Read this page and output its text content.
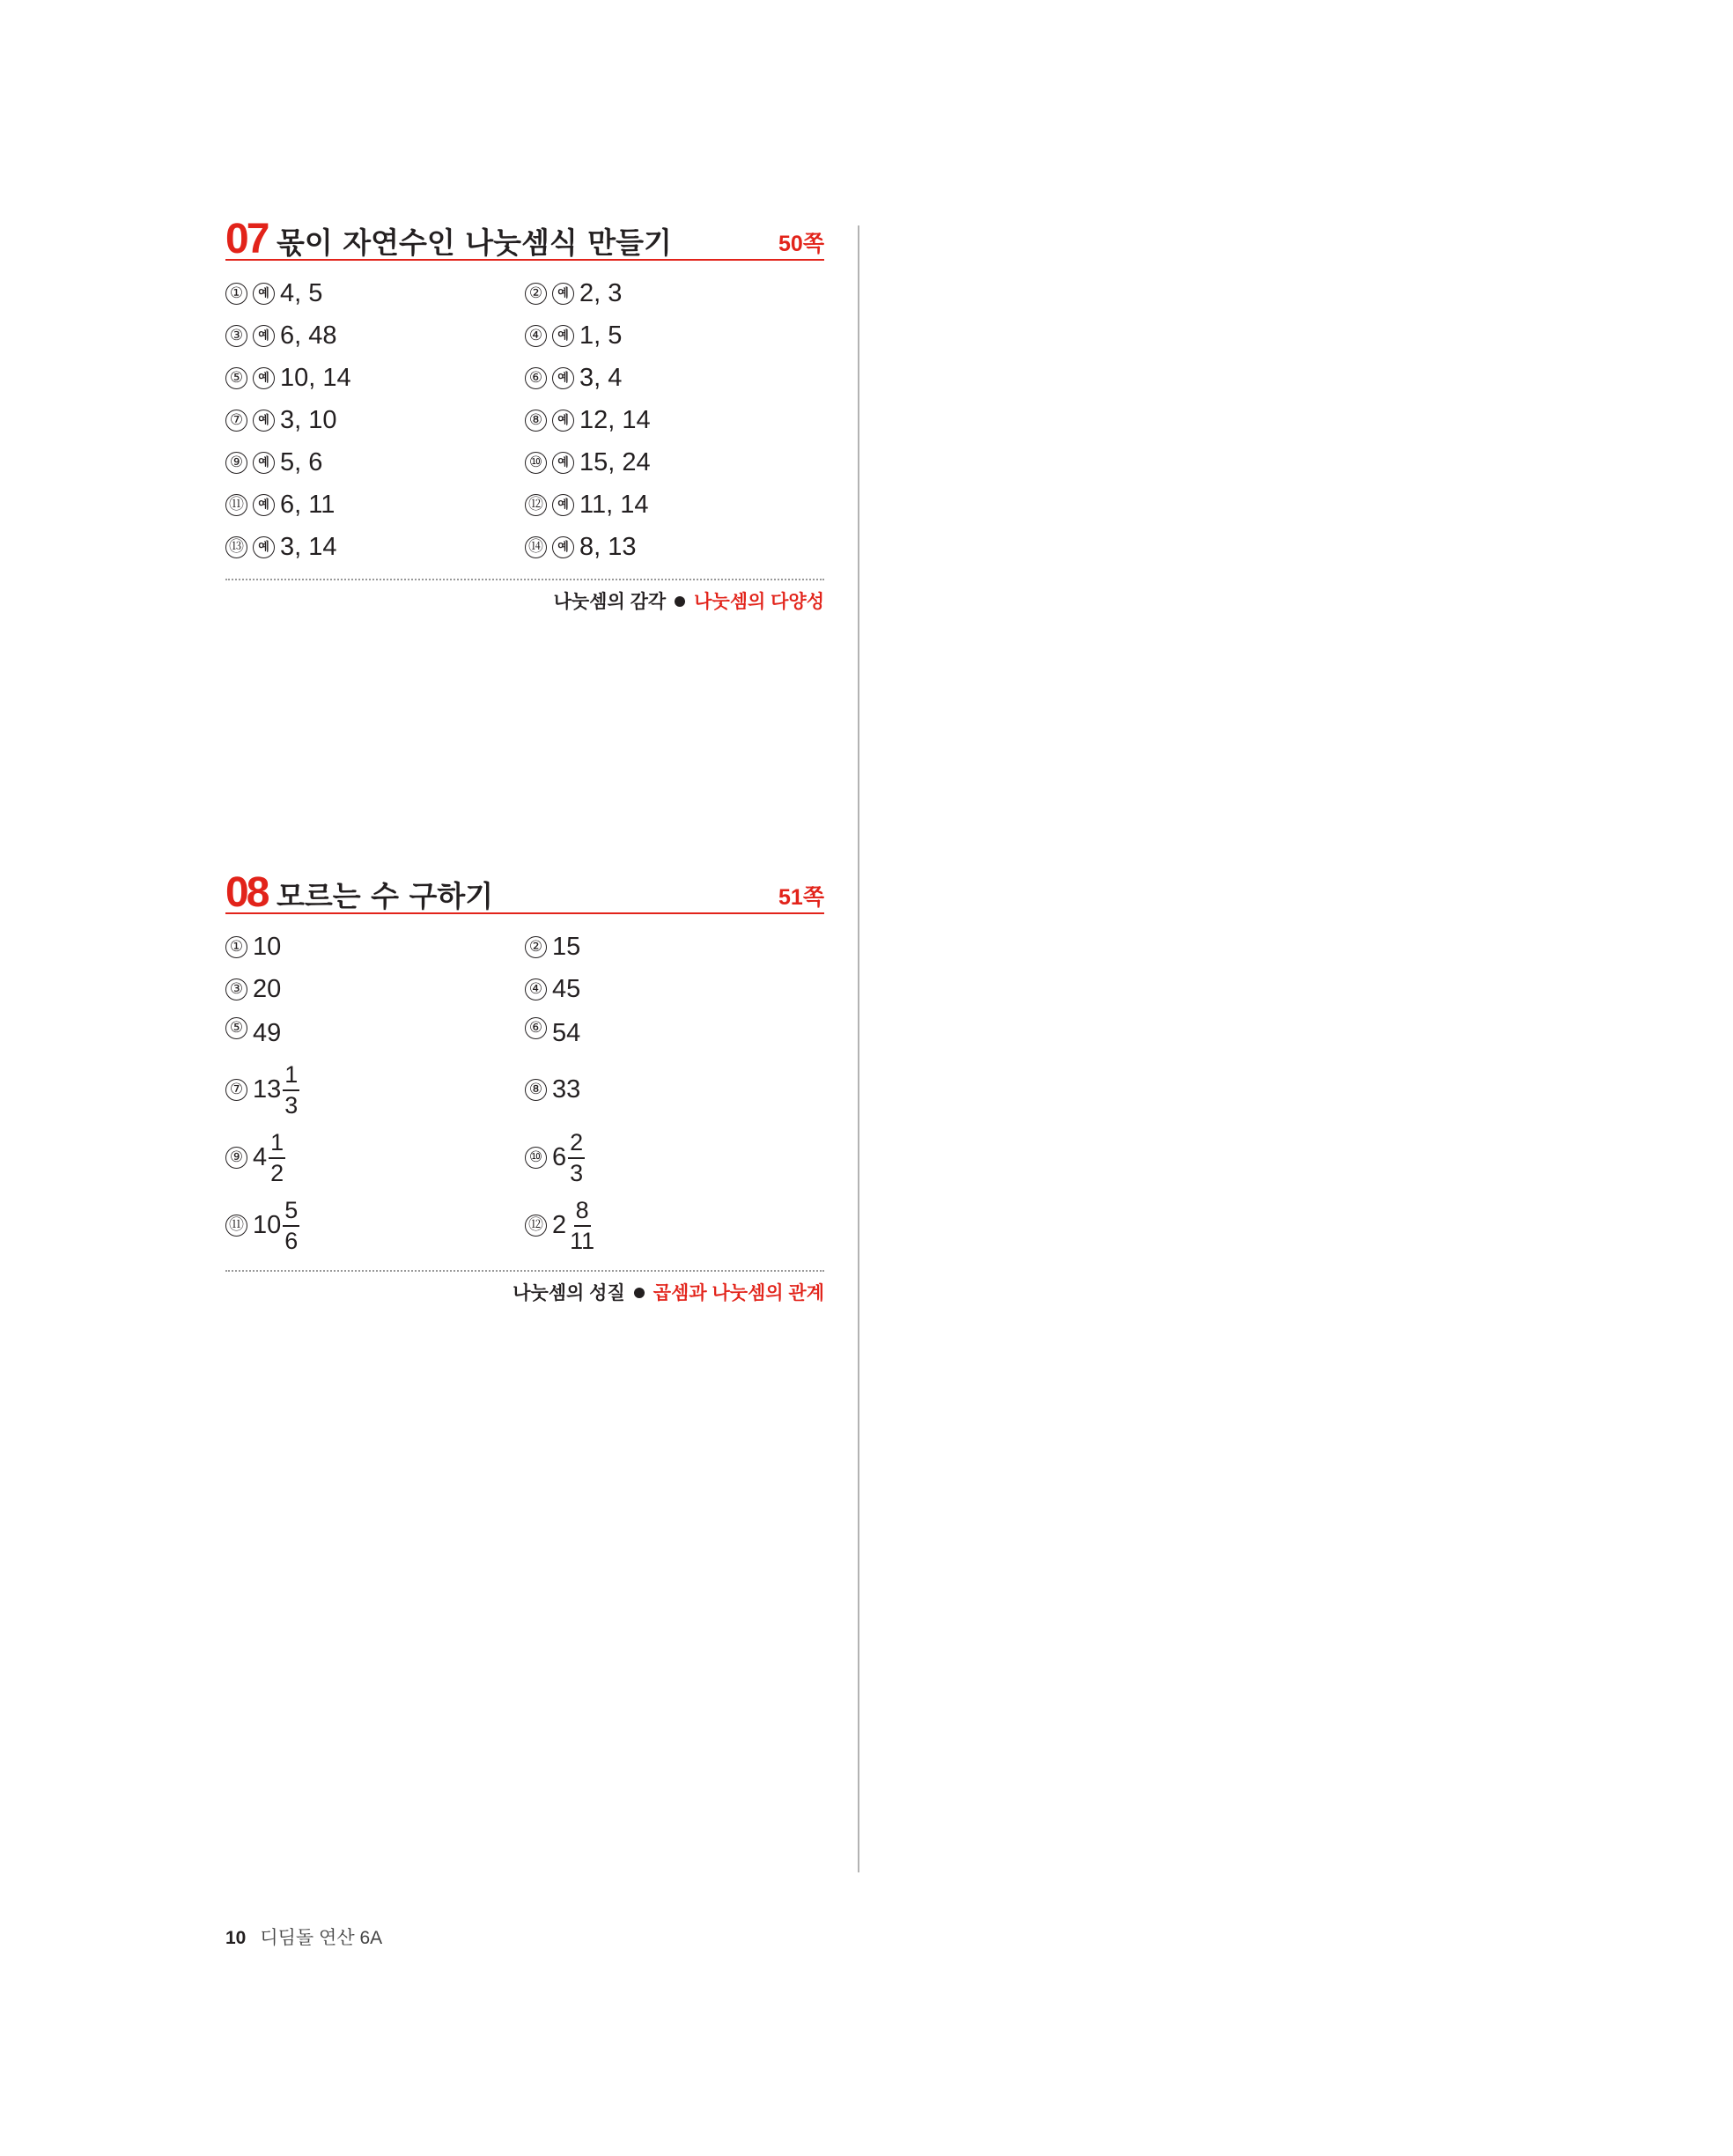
07 몫이 자연수인 나눗셈식 만들기	50쪽
①	예 4, 5	②	예 2, 3
③	예 6, 48	④	예 1, 5
⑤	예 10, 14	⑥	예 3, 4
⑦	예 3, 10	⑧	예 12, 14
⑨	예 5, 6	⑩	예 15, 24
⑪	예 6, 11	⑫	예 11, 14
⑬	예 3, 14	⑭	예 8, 13
나눗셈의 감각 나눗셈의 다양성
08 모르는 수 구하기	51쪽
① 10	② 15
③ 20	④ 45
⑤ 49	⑥ 54
⑦ $13 \frac{1}{3}$	⑧ 33
⑨ $4 \frac{1}{2}$	⑩ $6 \frac{2}{3}$
⑪ $10 \frac{5}{6}$	⑫ $2 \frac{8}{11}$
나눗셈의 성질 곱셈과 나눗셈의 관계
10 디딤돌 연산 6A
